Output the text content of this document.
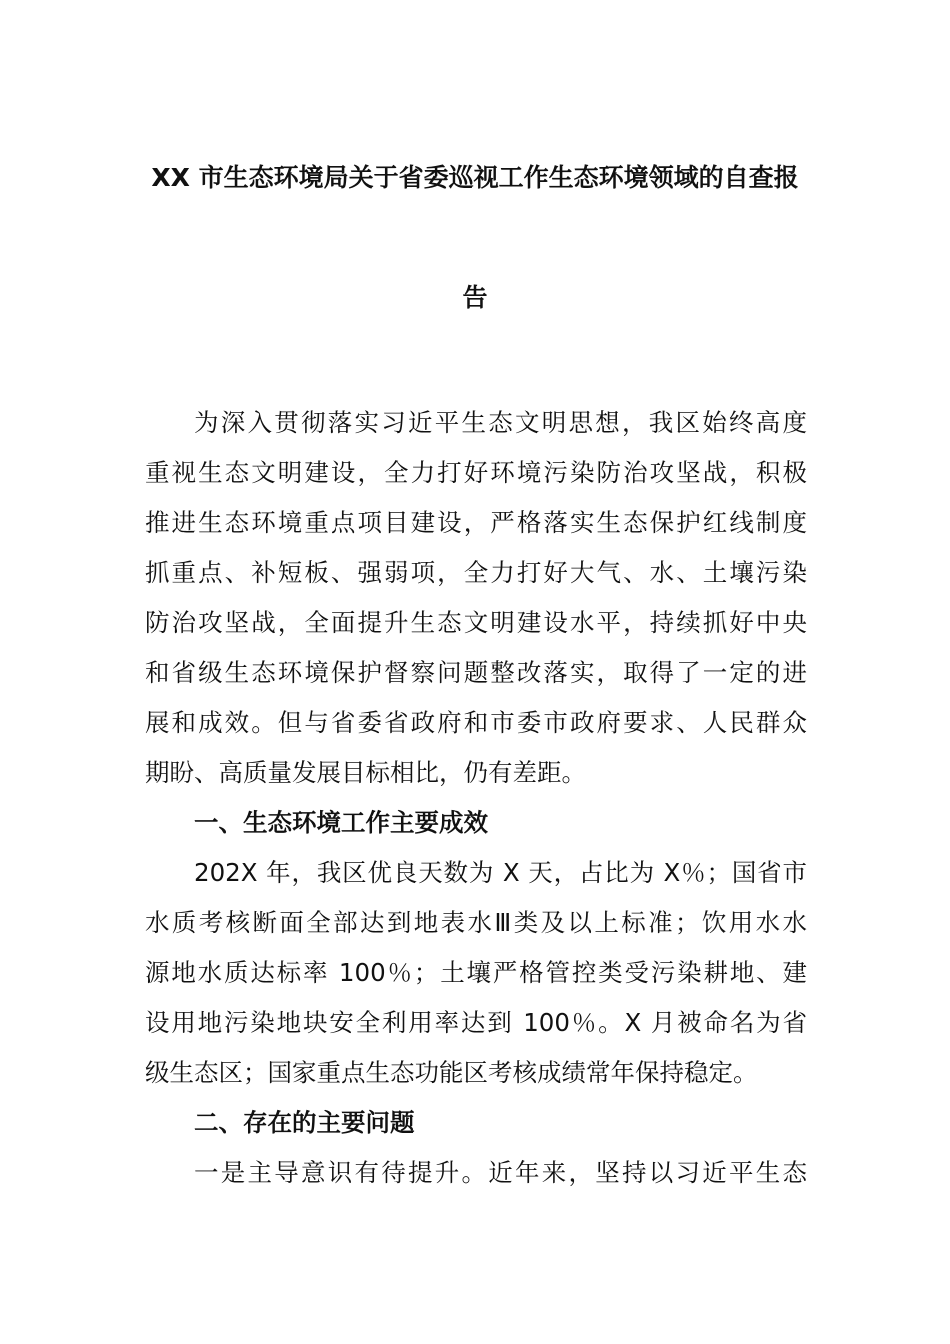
XX 市生态环境局关于省委巡视工作生态环境领域的自查报
告
为深入贯彻落实习近平生态文明思想，我区始终高度
重视生态文明建设，全力打好环境污染防治攻坚战，积极
推进生态环境重点项目建设，严格落实生态保护红线制度
抓重点、补短板、强弱项，全力打好大气、水、土壤污染
防治攻坚战，全面提升生态文明建设水平，持续抓好中央
和省级生态环境保护督察问题整改落实，取得了一定的进
展和成效。但与省委省政府和市委市政府要求、人民群众
期盼、高质量发展目标相比，仍有差距。
一、生态环境工作主要成效
202X 年，我区优良天数为 X 天，占比为 X％；国省市
水质考核断面全部达到地表水Ⅲ类及以上标准；饮用水水
源地水质达标率 100％；土壤严格管控类受污染耕地、建
设用地污染地块安全利用率达到 100％。X 月被命名为省
级生态区；国家重点生态功能区考核成绩常年保持稳定。
二、存在的主要问题
一是主导意识有待提升。近年来，坚持以习近平生态
